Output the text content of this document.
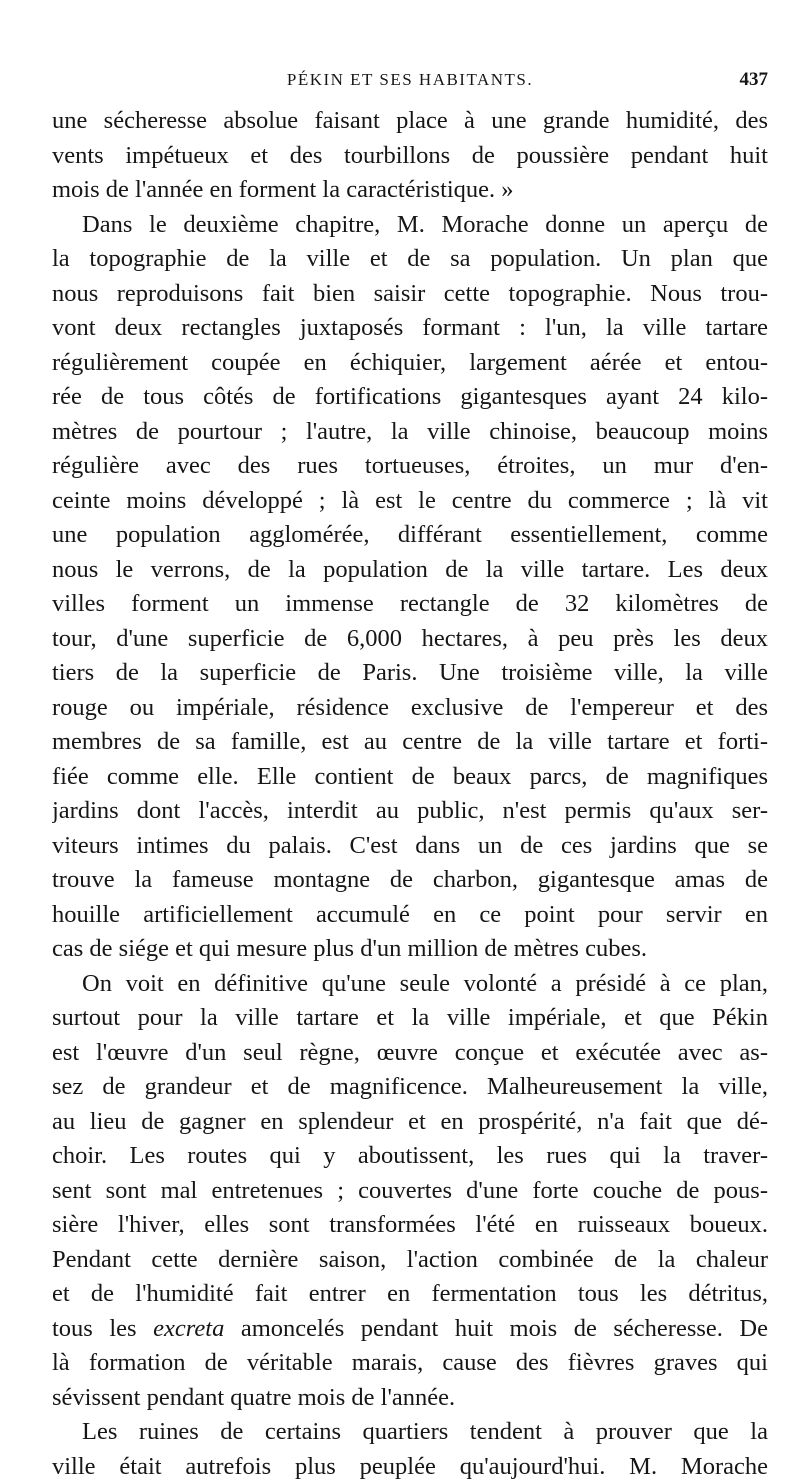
PÉKIN ET SES HABITANTS.	437
une sécheresse absolue faisant place à une grande humidité, des
vents impétueux et des tourbillons de poussière pendant huit
mois de l'année en forment la caractéristique. »
Dans le deuxième chapitre, M. Morache donne un aperçu de
la topographie de la ville et de sa population. Un plan que
nous reproduisons fait bien saisir cette topographie. Nous trou-
vont deux rectangles juxtaposés formant : l'un, la ville tartare
régulièrement coupée en échiquier, largement aérée et entou-
rée de tous côtés de fortifications gigantesques ayant 24 kilo-
mètres de pourtour ; l'autre, la ville chinoise, beaucoup moins
régulière avec des rues tortueuses, étroites, un mur d'en-
ceinte moins développé ; là est le centre du commerce ; là vit
une population agglomérée, différant essentiellement, comme
nous le verrons, de la population de la ville tartare. Les deux
villes forment un immense rectangle de 32 kilomètres de
tour, d'une superficie de 6,000 hectares, à peu près les deux
tiers de la superficie de Paris. Une troisième ville, la ville
rouge ou impériale, résidence exclusive de l'empereur et des
membres de sa famille, est au centre de la ville tartare et forti-
fiée comme elle. Elle contient de beaux parcs, de magnifiques
jardins dont l'accès, interdit au public, n'est permis qu'aux ser-
viteurs intimes du palais. C'est dans un de ces jardins que se
trouve la fameuse montagne de charbon, gigantesque amas de
houille artificiellement accumulé en ce point pour servir en
cas de siége et qui mesure plus d'un million de mètres cubes.
On voit en définitive qu'une seule volonté a présidé à ce plan,
surtout pour la ville tartare et la ville impériale, et que Pékin
est l'œuvre d'un seul règne, œuvre conçue et exécutée avec as-
sez de grandeur et de magnificence. Malheureusement la ville,
au lieu de gagner en splendeur et en prospérité, n'a fait que dé-
choir. Les routes qui y aboutissent, les rues qui la traver-
sent sont mal entretenues ; couvertes d'une forte couche de pous-
sière l'hiver, elles sont transformées l'été en ruisseaux boueux.
Pendant cette dernière saison, l'action combinée de la chaleur
et de l'humidité fait entrer en fermentation tous les détritus,
tous les excreta amoncelés pendant huit mois de sécheresse. De
là formation de véritable marais, cause des fièvres graves qui
sévissent pendant quatre mois de l'année.
Les ruines de certains quartiers tendent à prouver que la
ville était autrefois plus peuplée qu'aujourd'hui. M. Morache
